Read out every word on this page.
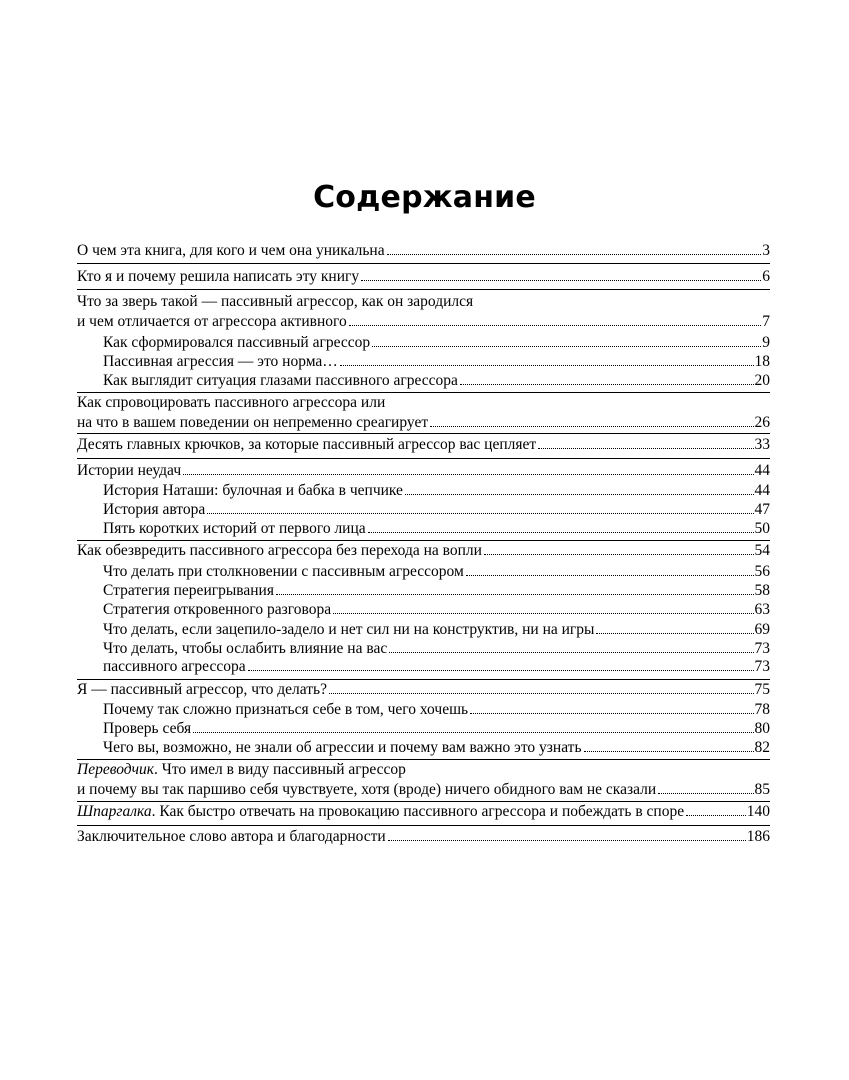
Содержание
О чем эта книга, для кого и чем она уникальна	3
Кто я и почему решила написать эту книгу	6
Что за зверь такой — пассивный агрессор, как он зародился
и чем отличается от агрессора активного	7
Как сформировался пассивный агрессор	9
Пассивная агрессия — это норма…	18
Как выглядит ситуация глазами пассивного агрессора	20
Как спровоцировать пассивного агрессора или
на что в вашем поведении он непременно среагирует	26
Десять главных крючков, за которые пассивный агрессор вас цепляет	33
Истории неудач	44
История Наташи: булочная и бабка в чепчике	44
История автора	47
Пять коротких историй от первого лица	50
Как обезвредить пассивного агрессора без перехода на вопли	54
Что делать при столкновении с пассивным агрессором	56
Стратегия переигрывания	58
Стратегия откровенного разговора	63
Что делать, если зацепило-задело и нет сил ни на конструктив, ни на игры	69
Что делать, чтобы ослабить влияние на вас	73
пассивного агрессора	73
Я — пассивный агрессор, что делать?	75
Почему так сложно признаться себе в том, чего хочешь	78
Проверь себя	80
Чего вы, возможно, не знали об агрессии и почему вам важно это узнать	82
Переводчик. Что имел в виду пассивный агрессор
и почему вы так паршиво себя чувствуете, хотя (вроде) ничего обидного вам не сказали	85
Шпаргалка. Как быстро отвечать на провокацию пассивного агрессора и побеждать в споре	140
Заключительное слово автора и благодарности	186
